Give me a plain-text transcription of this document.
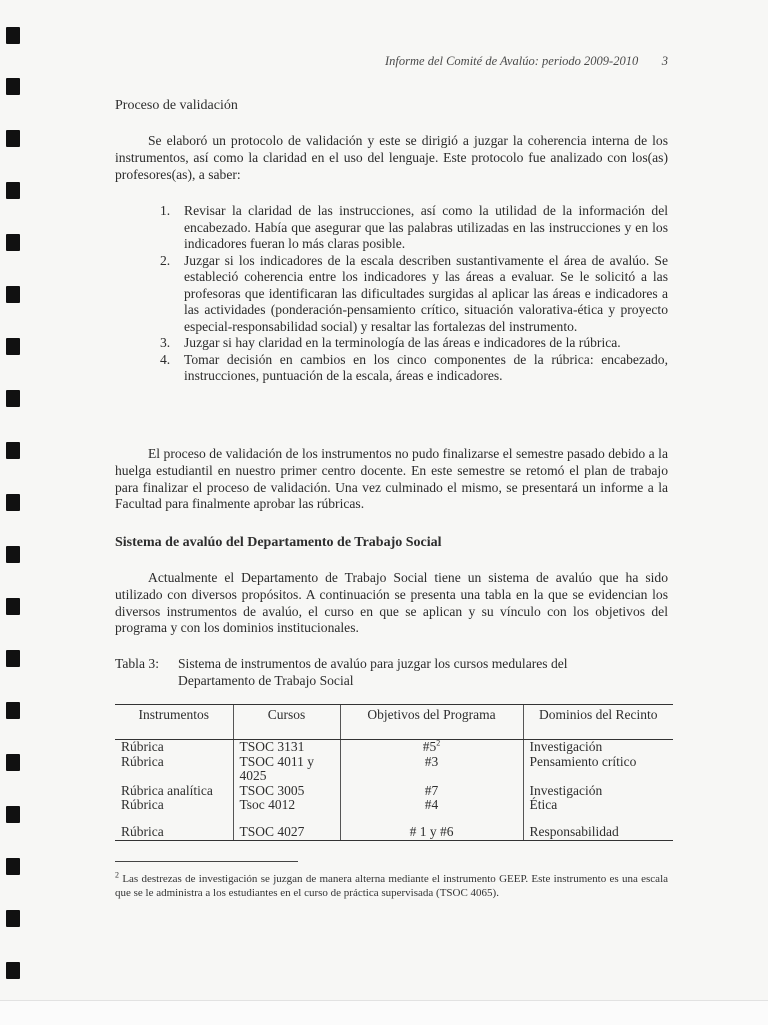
Informe del Comité de Avalúo: periodo 2009-2010 3
Proceso de validación

Se elaboró un protocolo de validación y este se dirigió a juzgar la coherencia interna de los instrumentos, así como la claridad en el uso del lenguaje. Este protocolo fue analizado con los(as) profesores(as), a saber:

1. Revisar la claridad de las instrucciones, así como la utilidad de la información del encabezado. Había que asegurar que las palabras utilizadas en las instrucciones y en los indicadores fueran lo más claras posible.
2. Juzgar si los indicadores de la escala describen sustantivamente el área de avalúo. Se estableció coherencia entre los indicadores y las áreas a evaluar. Se le solicitó a las profesoras que identificaran las dificultades surgidas al aplicar las áreas e indicadores a las actividades (ponderación-pensamiento crítico, situación valorativa-ética y proyecto especial-responsabilidad social) y resaltar las fortalezas del instrumento.
3. Juzgar si hay claridad en la terminología de las áreas e indicadores de la rúbrica.
4. Tomar decisión en cambios en los cinco componentes de la rúbrica: encabezado, instrucciones, puntuación de la escala, áreas e indicadores.

El proceso de validación de los instrumentos no pudo finalizarse el semestre pasado debido a la huelga estudiantil en nuestro primer centro docente. En este semestre se retomó el plan de trabajo para finalizar el proceso de validación. Una vez culminado el mismo, se presentará un informe a la Facultad para finalmente aprobar las rúbricas.

Sistema de avalúo del Departamento de Trabajo Social

Actualmente el Departamento de Trabajo Social tiene un sistema de avalúo que ha sido utilizado con diversos propósitos. A continuación se presenta una tabla en la que se evidencian los diversos instrumentos de avalúo, el curso en que se aplican y su vínculo con los objetivos del programa y con los dominios institucionales.

Tabla 3: Sistema de instrumentos de avalúo para juzgar los cursos medulares del
Departamento de Trabajo Social
Instrumentos	Cursos	Objetivos del Programa	Dominios del Recinto
Rúbrica	TSOC 3131	$\#5^2$	Investigación
Rúbrica	TSOC 4011 y 4025	#3	Pensamiento crítico
Rúbrica analítica	TSOC 3005	#7	Investigación
Rúbrica	Tsoc 4012	#4	Ética
Rúbrica	TSOC 4027	# 1 y #6	Responsabilidad
$^2$ Las destrezas de investigación se juzgan de manera alterna mediante el instrumento GEEP. Este instrumento es una escala que se le administra a los estudiantes en el curso de práctica supervisada (TSOC 4065).
